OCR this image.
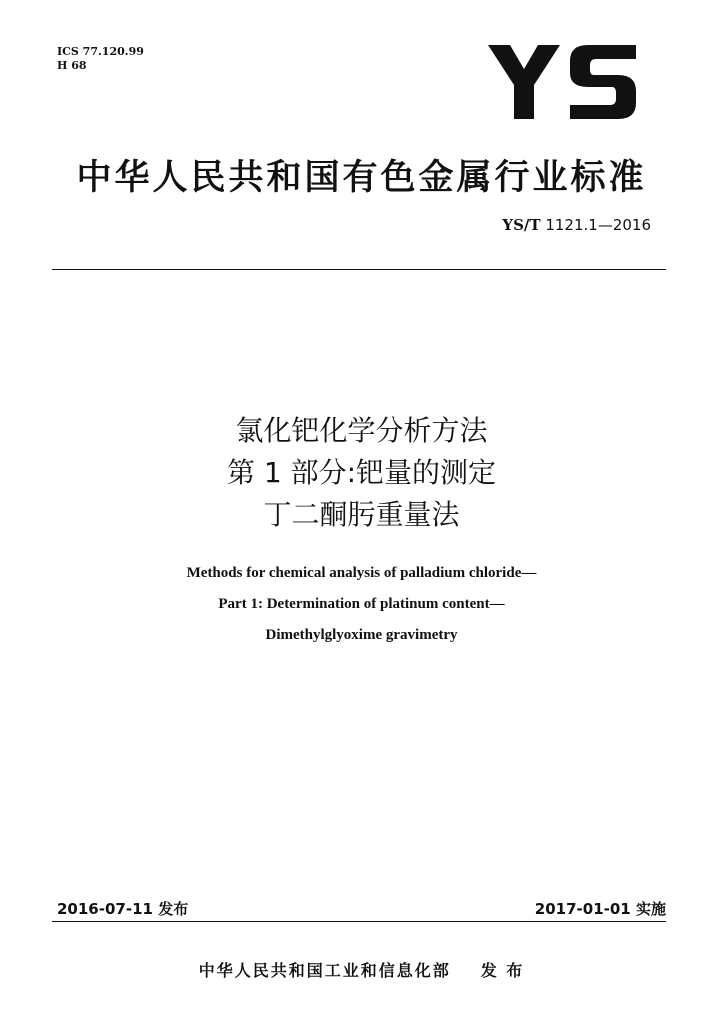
ICS 77.120.99
H 68
中华人民共和国有色金属行业标准
YS/T 1121.1—2016
氯化钯化学分析方法
第 1 部分:钯量的测定
丁二酮肟重量法
Methods for chemical analysis of palladium chloride—
Part 1: Determination of platinum content—
Dimethylglyoxime gravimetry
2016-07-11 发布	2017-01-01 实施
中华人民共和国工业和信息化部 发 布
